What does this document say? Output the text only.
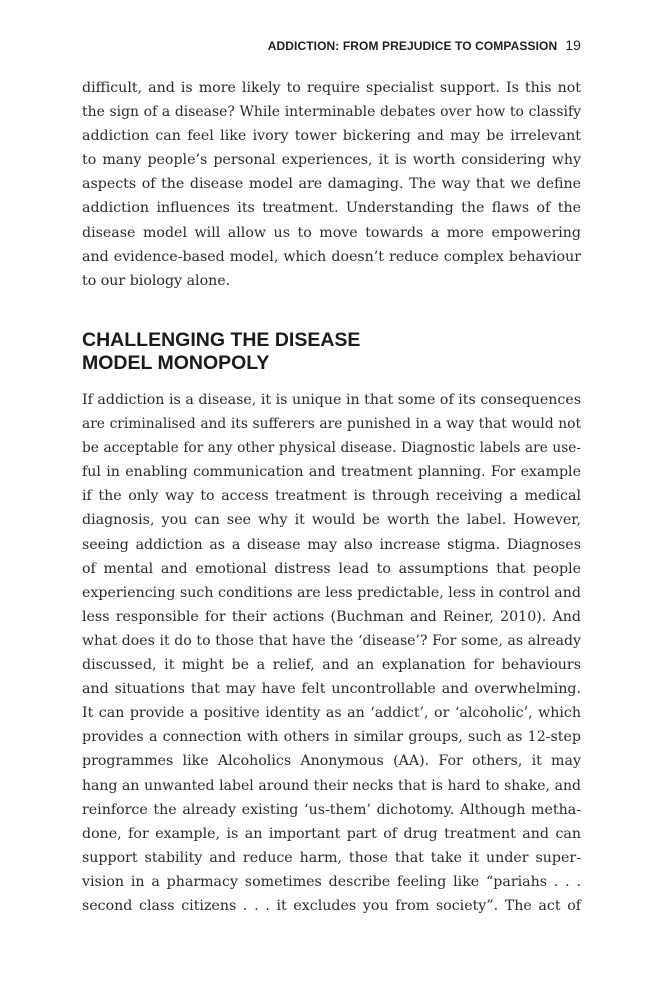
ADDICTION: FROM PREJUDICE TO COMPASSION 19

difficult, and is more likely to require specialist support. Is this not
the sign of a disease? While interminable debates over how to classify
addiction can feel like ivory tower bickering and may be irrelevant
to many people’s personal experiences, it is worth considering why
aspects of the disease model are damaging. The way that we define
addiction influences its treatment. Understanding the flaws of the
disease model will allow us to move towards a more empowering
and evidence-based model, which doesn’t reduce complex behaviour
to our biology alone.

CHALLENGING THE DISEASE
MODEL MONOPOLY

If addiction is a disease, it is unique in that some of its consequences
are criminalised and its sufferers are punished in a way that would not
be acceptable for any other physical disease. Diagnostic labels are use-
ful in enabling communication and treatment planning. For example
if the only way to access treatment is through receiving a medical
diagnosis, you can see why it would be worth the label. However,
seeing addiction as a disease may also increase stigma. Diagnoses
of mental and emotional distress lead to assumptions that people
experiencing such conditions are less predictable, less in control and
less responsible for their actions (Buchman and Reiner, 2010). And
what does it do to those that have the ‘disease’? For some, as already
discussed, it might be a relief, and an explanation for behaviours
and situations that may have felt uncontrollable and overwhelming.
It can provide a positive identity as an ‘addict’, or ‘alcoholic’, which
provides a connection with others in similar groups, such as 12-step
programmes like Alcoholics Anonymous (AA). For others, it may
hang an unwanted label around their necks that is hard to shake, and
reinforce the already existing ‘us-them’ dichotomy. Although metha-
done, for example, is an important part of drug treatment and can
support stability and reduce harm, those that take it under super-
vision in a pharmacy sometimes describe feeling like “pariahs . . .
second class citizens . . . it excludes you from society”. The act of
